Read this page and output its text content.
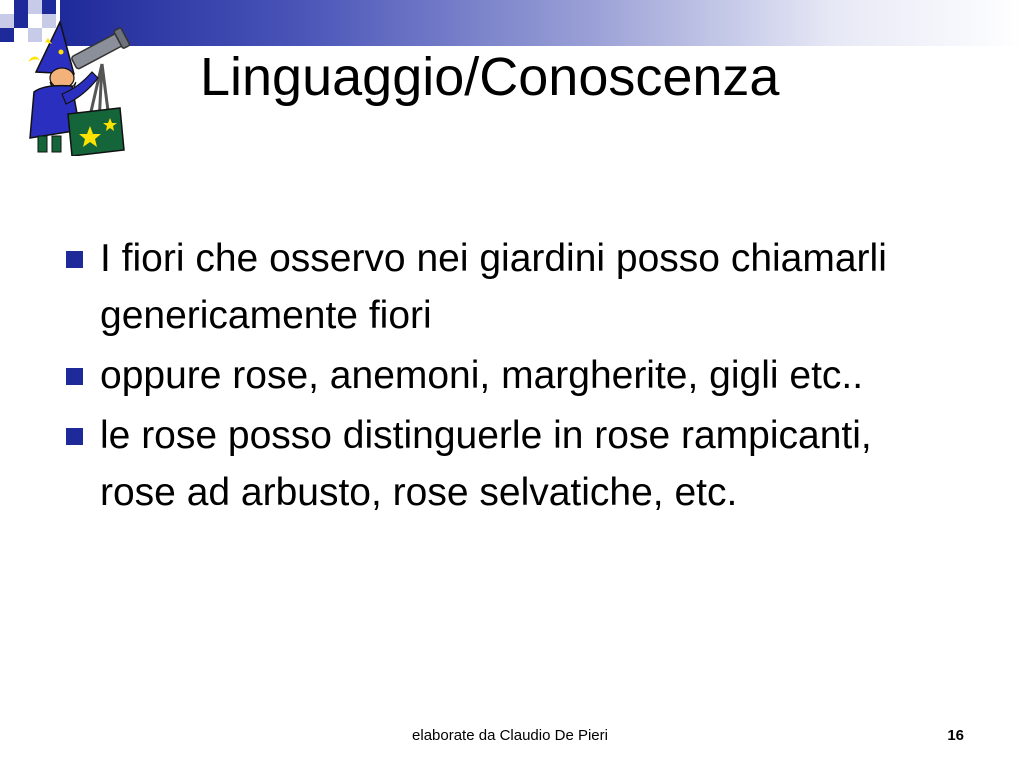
Linguaggio/Conoscenza
I fiori che osservo nei giardini posso chiamarli genericamente fiori
oppure rose, anemoni, margherite, gigli etc..
le rose posso distinguerle in rose rampicanti, rose ad arbusto, rose selvatiche, etc.
elaborate da Claudio De Pieri	16
